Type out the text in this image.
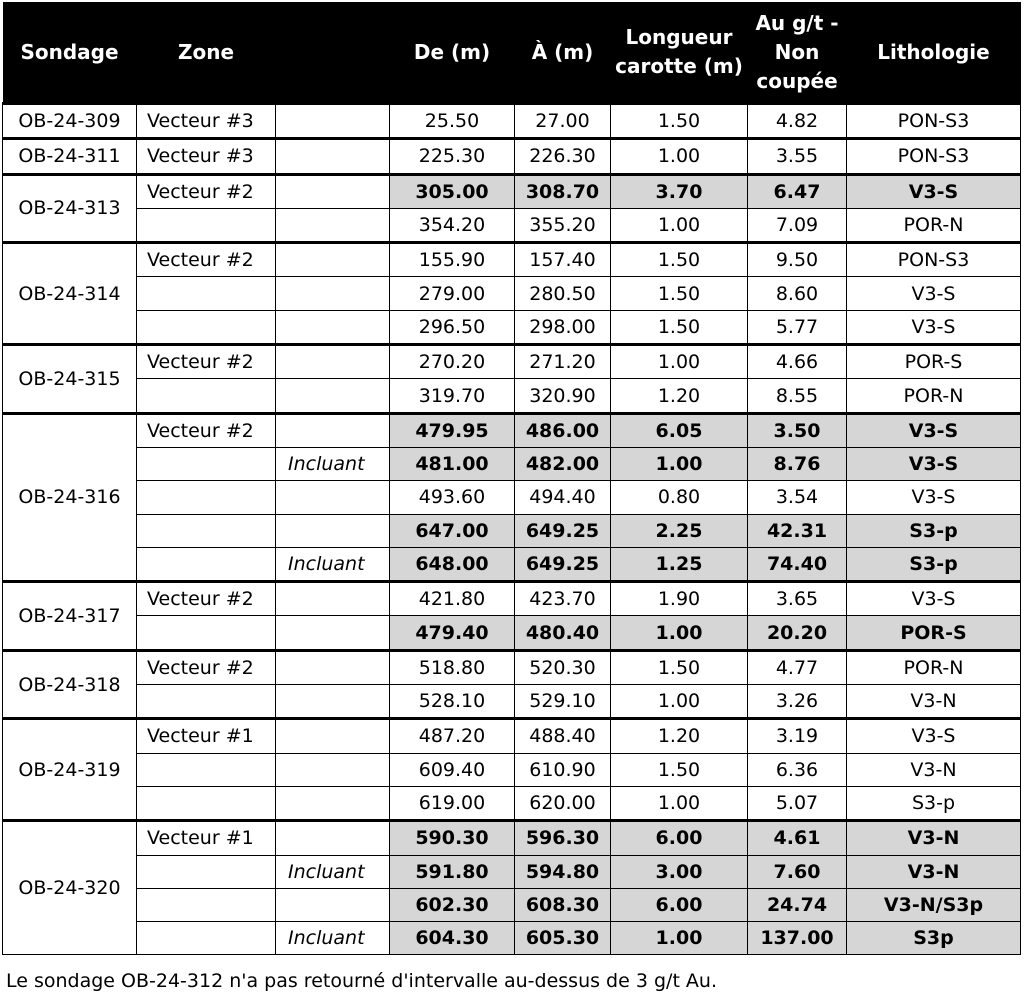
Sondage	Zone		De (m)	À (m)	Longueur carotte (m)	Au g/t - Non coupée	Lithologie
OB-24-309	Vecteur #3		25.50	27.00	1.50	4.82	PON-S3
OB-24-311	Vecteur #3		225.30	226.30	1.00	3.55	PON-S3
OB-24-313	Vecteur #2		305.00	308.70	3.70	6.47	V3-S
			354.20	355.20	1.00	7.09	POR-N
OB-24-314	Vecteur #2		155.90	157.40	1.50	9.50	PON-S3
			279.00	280.50	1.50	8.60	V3-S
			296.50	298.00	1.50	5.77	V3-S
OB-24-315	Vecteur #2		270.20	271.20	1.00	4.66	POR-S
			319.70	320.90	1.20	8.55	POR-N
OB-24-316	Vecteur #2		479.95	486.00	6.05	3.50	V3-S
		Incluant	481.00	482.00	1.00	8.76	V3-S
			493.60	494.40	0.80	3.54	V3-S
			647.00	649.25	2.25	42.31	S3-p
		Incluant	648.00	649.25	1.25	74.40	S3-p
OB-24-317	Vecteur #2		421.80	423.70	1.90	3.65	V3-S
			479.40	480.40	1.00	20.20	POR-S
OB-24-318	Vecteur #2		518.80	520.30	1.50	4.77	POR-N
			528.10	529.10	1.00	3.26	V3-N
OB-24-319	Vecteur #1		487.20	488.40	1.20	3.19	V3-S
			609.40	610.90	1.50	6.36	V3-N
			619.00	620.00	1.00	5.07	S3-p
OB-24-320	Vecteur #1		590.30	596.30	6.00	4.61	V3-N
		Incluant	591.80	594.80	3.00	7.60	V3-N
			602.30	608.30	6.00	24.74	V3-N/S3p
		Incluant	604.30	605.30	1.00	137.00	S3p
Le sondage OB-24-312 n'a pas retourné d'intervalle au-dessus de 3 g/t Au.
